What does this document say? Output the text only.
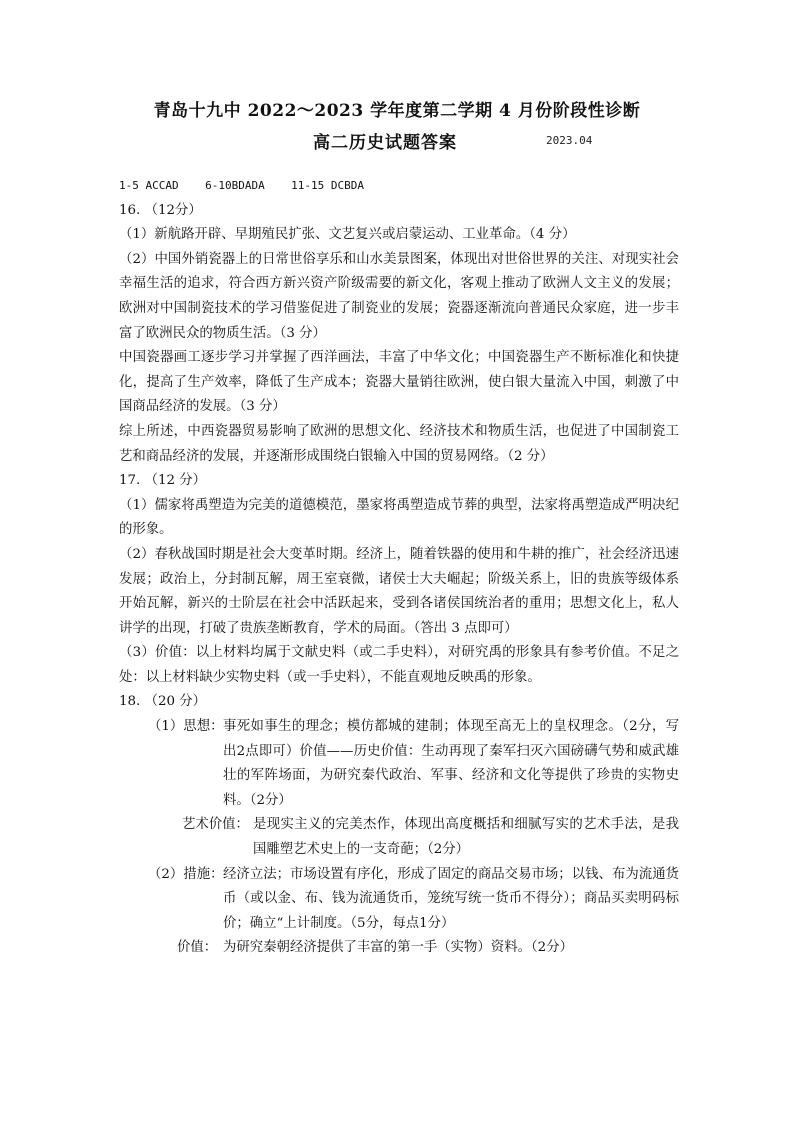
青岛十九中 2022～2023 学年度第二学期 4 月份阶段性诊断
高二历史试题答案	2023.04
1-5 ACCAD    6-10BDADA    11-15 DCBDA

16. （12分）

（1）新航路开辟、早期殖民扩张、文艺复兴或启蒙运动、工业革命。（4 分）

（2）中国外销瓷器上的日常世俗享乐和山水美景图案，体现出对世俗世界的关注、对现实社会幸福生活的追求，符合西方新兴资产阶级需要的新文化，客观上推动了欧洲人文主义的发展；欧洲对中国制瓷技术的学习借鉴促进了制瓷业的发展；瓷器逐渐流向普通民众家庭，进一步丰富了欧洲民众的物质生活。（3 分）

中国瓷器画工逐步学习并掌握了西洋画法，丰富了中华文化；中国瓷器生产不断标准化和快捷化，提高了生产效率，降低了生产成本；瓷器大量销往欧洲，使白银大量流入中国，刺激了中国商品经济的发展。（3 分）

综上所述，中西瓷器贸易影响了欧洲的思想文化、经济技术和物质生活，也促进了中国制瓷工艺和商品经济的发展，并逐渐形成围绕白银输入中国的贸易网络。（2 分）

17. （12 分）

（1）儒家将禹塑造为完美的道德模范，墨家将禹塑造成节葬的典型，法家将禹塑造成严明决纪的形象。

（2）春秋战国时期是社会大变革时期。经济上，随着铁器的使用和牛耕的推广，社会经济迅速发展；政治上，分封制瓦解，周王室衰微，诸侯士大夫崛起；阶级关系上，旧的贵族等级体系开始瓦解，新兴的士阶层在社会中活跃起来，受到各诸侯国统治者的重用；思想文化上，私人讲学的出现，打破了贵族垄断教育，学术的局面。（答出 3 点即可）

（3）价值：以上材料均属于文献史料（或二手史料），对研究禹的形象具有参考价值。不足之处：以上材料缺少实物史料（或一手史料），不能直观地反映禹的形象。

18. （20 分）

（1）思想： 事死如事生的理念；模仿都城的建制；体现至高无上的皇权理念。（2分，写出2点即可）价值——历史价值：生动再现了秦军扫灭六国磅礴气势和威武雄壮的军阵场面，为研究秦代政治、军事、经济和文化等提供了珍贵的实物史料。（2分）

艺术价值： 是现实主义的完美杰作，体现出高度概括和细腻写实的艺术手法，是我国雕塑艺术史上的一支奇葩；（2分）

（2）措施： 经济立法；市场设置有序化，形成了固定的商品交易市场；以钱、布为流通货币（或以金、布、钱为流通货币，笼统写统一货币不得分）；商品买卖明码标价；确立“上计制度。（5分，每点1分）

价值： 为研究秦朝经济提供了丰富的第一手（实物）资料。（2分）
